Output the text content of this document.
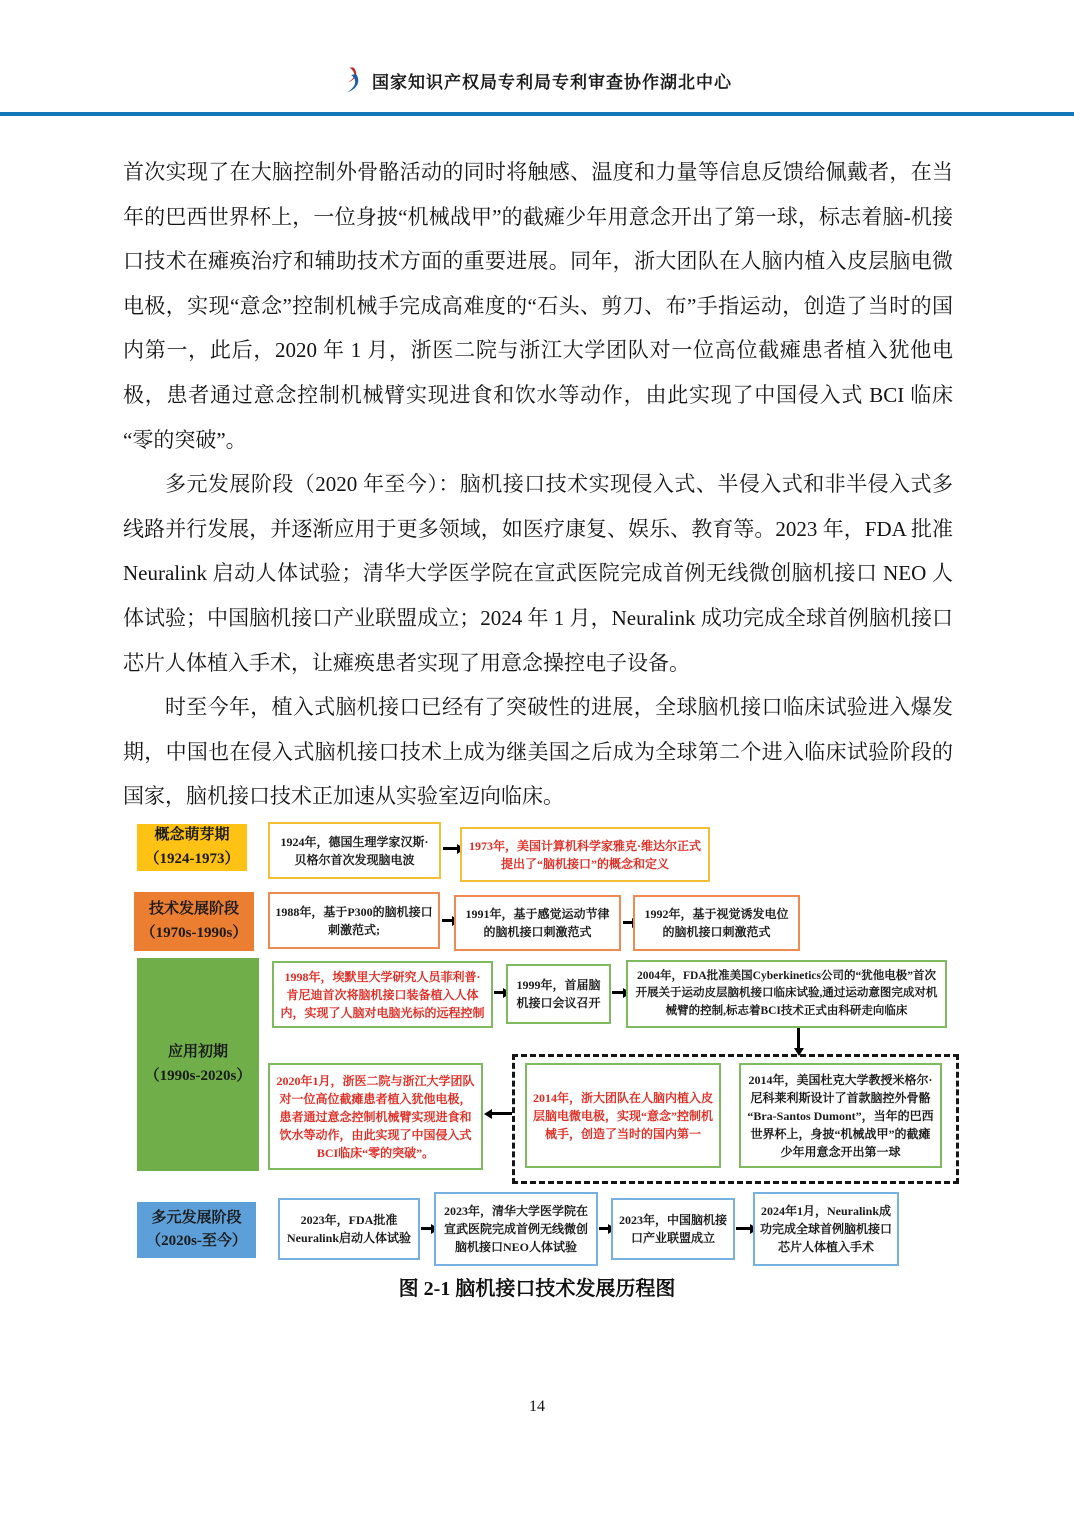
国家知识产权局专利局专利审查协作湖北中心

首次实现了在大脑控制外骨骼活动的同时将触感、温度和力量等信息反馈给佩戴者，在当年的巴西世界杯上，一位身披“机械战甲”的截瘫少年用意念开出了第一球，标志着脑-机接口技术在瘫痪治疗和辅助技术方面的重要进展。同年，浙大团队在人脑内植入皮层脑电微电极，实现“意念”控制机械手完成高难度的“石头、剪刀、布”手指运动，创造了当时的国内第一，此后，2020 年 1 月，浙医二院与浙江大学团队对一位高位截瘫患者植入犹他电极，患者通过意念控制机械臂实现进食和饮水等动作，由此实现了中国侵入式 BCI 临床“零的突破”。

多元发展阶段（2020 年至今）：脑机接口技术实现侵入式、半侵入式和非半侵入式多线路并行发展，并逐渐应用于更多领域，如医疗康复、娱乐、教育等。2023 年，FDA 批准 Neuralink 启动人体试验；清华大学医学院在宣武医院完成首例无线微创脑机接口 NEO 人体试验；中国脑机接口产业联盟成立；2024 年 1 月，Neuralink 成功完成全球首例脑机接口芯片人体植入手术，让瘫痪患者实现了用意念操控电子设备。

时至今年，植入式脑机接口已经有了突破性的进展，全球脑机接口临床试验进入爆发期，中国也在侵入式脑机接口技术上成为继美国之后成为全球第二个进入临床试验阶段的国家，脑机接口技术正加速从实验室迈向临床。

概念萌芽期
（1924-1973）
1924年，德国生理学家汉斯·贝格尔首次发现脑电波
1973年，美国计算机科学家雅克·维达尔正式提出了“脑机接口”的概念和定义
技术发展阶段
（1970s-1990s）
1988年，基于P300的脑机接口刺激范式;
1991年，基于感觉运动节律的脑机接口刺激范式
1992年，基于视觉诱发电位的脑机接口刺激范式
应用初期
（1990s-2020s）
1998年，埃默里大学研究人员菲利普·肯尼迪首次将脑机接口装备植入人体内，实现了人脑对电脑光标的远程控制
1999年，首届脑机接口会议召开
2004年，FDA批准美国Cyberkinetics公司的“犹他电极”首次开展关于运动皮层脑机接口临床试验,通过运动意图完成对机械臂的控制,标志着BCI技术正式由科研走向临床
2020年1月，浙医二院与浙江大学团队对一位高位截瘫患者植入犹他电极，患者通过意念控制机械臂实现进食和饮水等动作，由此实现了中国侵入式BCI临床“零的突破”。
2014年，浙大团队在人脑内植入皮层脑电微电极，实现“意念”控制机械手，创造了当时的国内第一
2014年，美国杜克大学教授米格尔·尼科莱利斯设计了首款脑控外骨骼“Bra-Santos Dumont”，当年的巴西世界杯上，身披“机械战甲”的截瘫少年用意念开出第一球
多元发展阶段
（2020s-至今）
2023年，FDA批准Neuralink启动人体试验
2023年，清华大学医学院在宣武医院完成首例无线微创脑机接口NEO人体试验
2023年，中国脑机接口产业联盟成立
2024年1月，Neuralink成功完成全球首例脑机接口芯片人体植入手术
图 2-1 脑机接口技术发展历程图
14
